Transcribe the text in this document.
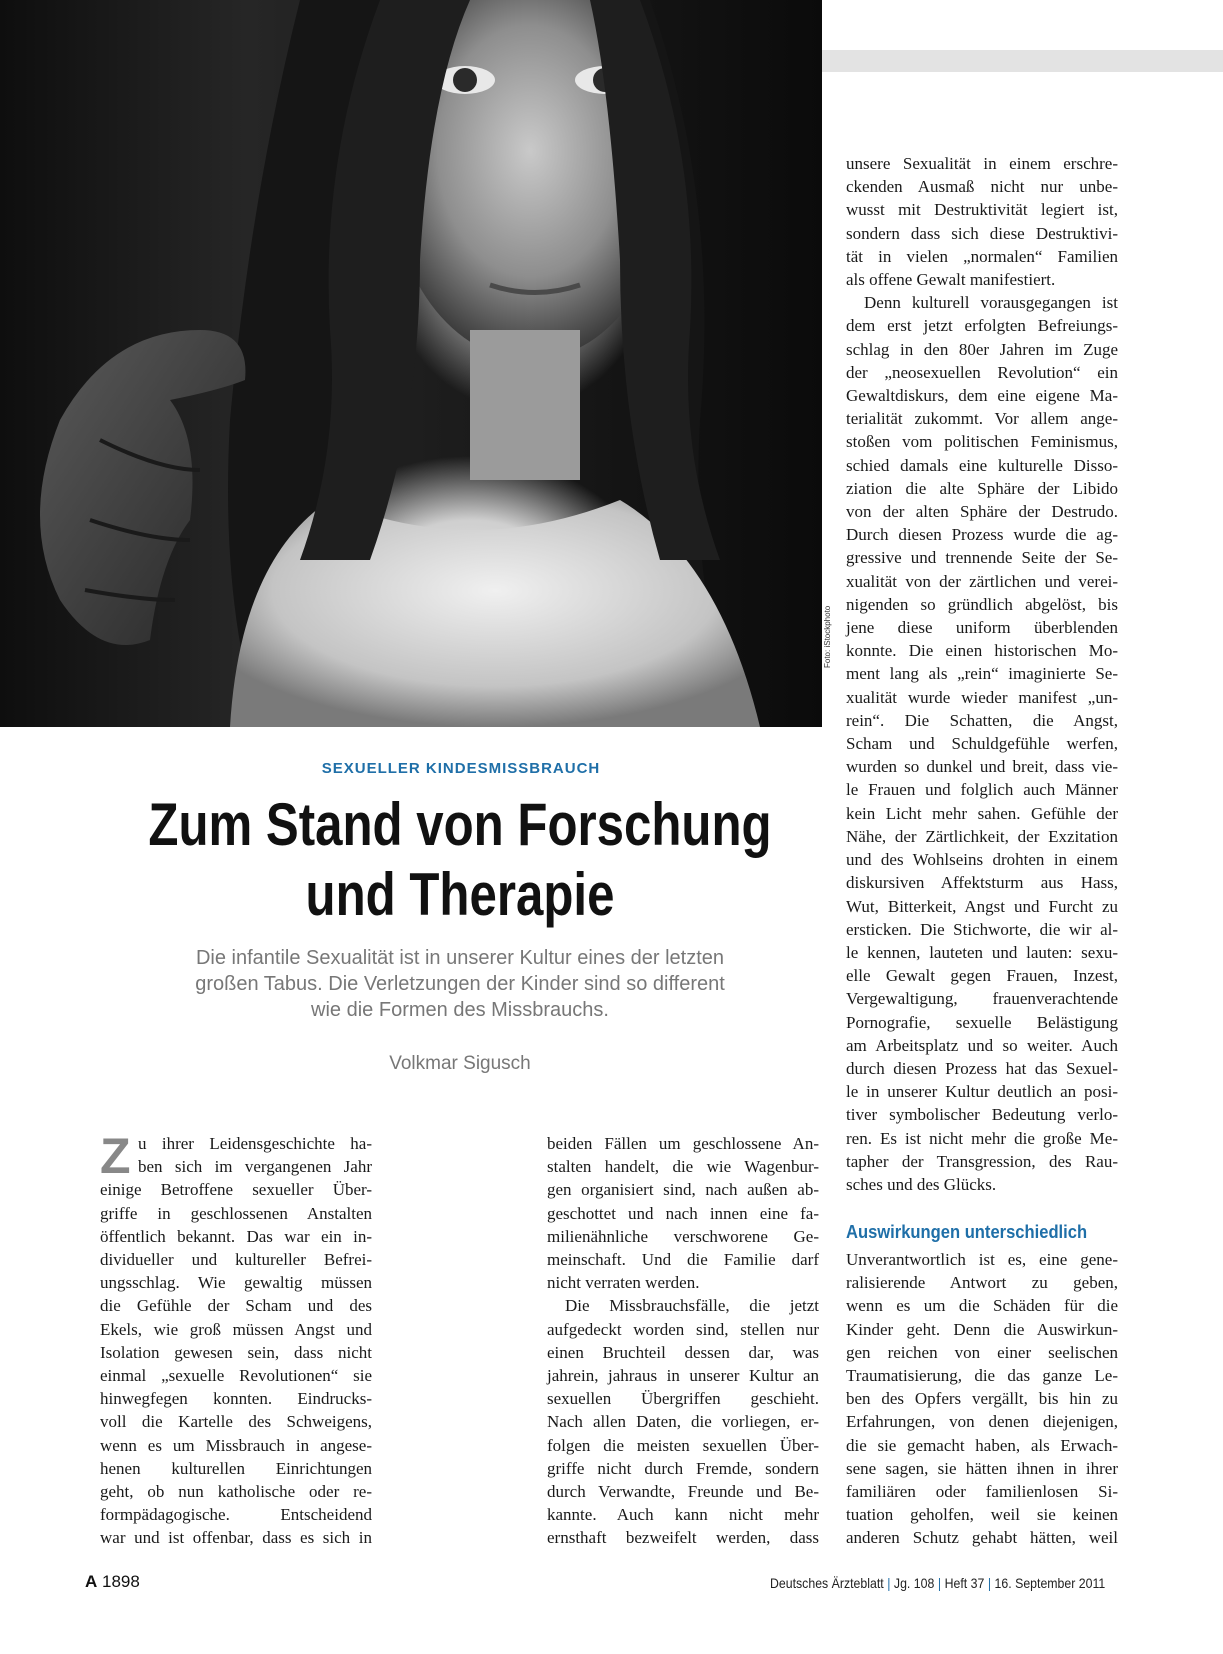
Foto: iStockphoto
SEXUELLER KINDESMISSBRAUCH
Zum Stand von Forschung
und Therapie
Die infantile Sexualität ist in unserer Kultur eines der letzten
großen Tabus. Die Verletzungen der Kinder sind so different
wie die Formen des Missbrauchs.
Volkmar Sigusch
Z u ihrer Leidensgeschichte ha-
ben sich im vergangenen Jahr
einige Betroffene sexueller Über-
griffe in geschlossenen Anstalten
öffentlich bekannt. Das war ein in-
dividueller und kultureller Befrei-
ungsschlag. Wie gewaltig müssen
die Gefühle der Scham und des
Ekels, wie groß müssen Angst und
Isolation gewesen sein, dass nicht
einmal „sexuelle Revolutionen“ sie
hinwegfegen konnten. Eindrucks-
voll die Kartelle des Schweigens,
wenn es um Missbrauch in angese-
henen kulturellen Einrichtungen
geht, ob nun katholische oder re-
formpädagogische. Entscheidend
war und ist offenbar, dass es sich in
beiden Fällen um geschlossene An-
stalten handelt, die wie Wagenbur-
gen organisiert sind, nach außen ab-
geschottet und nach innen eine fa-
milienähnliche verschworene Ge-
meinschaft. Und die Familie darf
nicht verraten werden.
Die Missbrauchsfälle, die jetzt
aufgedeckt worden sind, stellen nur
einen Bruchteil dessen dar, was
jahrein, jahraus in unserer Kultur an
sexuellen Übergriffen geschieht.
Nach allen Daten, die vorliegen, er-
folgen die meisten sexuellen Über-
griffe nicht durch Fremde, sondern
durch Verwandte, Freunde und Be-
kannte. Auch kann nicht mehr
ernsthaft bezweifelt werden, dass
unsere Sexualität in einem erschre-
ckenden Ausmaß nicht nur unbe-
wusst mit Destruktivität legiert ist,
sondern dass sich diese Destruktivi-
tät in vielen „normalen“ Familien
als offene Gewalt manifestiert.
Denn kulturell vorausgegangen ist
dem erst jetzt erfolgten Befreiungs-
schlag in den 80er Jahren im Zuge
der „neosexuellen Revolution“ ein
Gewaltdiskurs, dem eine eigene Ma-
terialität zukommt. Vor allem ange-
stoßen vom politischen Feminismus,
schied damals eine kulturelle Disso-
ziation die alte Sphäre der Libido
von der alten Sphäre der Destrudo.
Durch diesen Prozess wurde die ag-
gressive und trennende Seite der Se-
xualität von der zärtlichen und verei-
nigenden so gründlich abgelöst, bis
jene diese uniform überblenden
konnte. Die einen historischen Mo-
ment lang als „rein“ imaginierte Se-
xualität wurde wieder manifest „un-
rein“. Die Schatten, die Angst,
Scham und Schuldgefühle werfen,
wurden so dunkel und breit, dass vie-
le Frauen und folglich auch Männer
kein Licht mehr sahen. Gefühle der
Nähe, der Zärtlichkeit, der Exzitation
und des Wohlseins drohten in einem
diskursiven Affektsturm aus Hass,
Wut, Bitterkeit, Angst und Furcht zu
ersticken. Die Stichworte, die wir al-
le kennen, lauteten und lauten: sexu-
elle Gewalt gegen Frauen, Inzest,
Vergewaltigung, frauenverachtende
Pornografie, sexuelle Belästigung
am Arbeitsplatz und so weiter. Auch
durch diesen Prozess hat das Sexuel-
le in unserer Kultur deutlich an posi-
tiver symbolischer Bedeutung verlo-
ren. Es ist nicht mehr die große Me-
tapher der Transgression, des Rau-
sches und des Glücks.
Auswirkungen unterschiedlich
Unverantwortlich ist es, eine gene-
ralisierende Antwort zu geben,
wenn es um die Schäden für die
Kinder geht. Denn die Auswirkun-
gen reichen von einer seelischen
Traumatisierung, die das ganze Le-
ben des Opfers vergällt, bis hin zu
Erfahrungen, von denen diejenigen,
die sie gemacht haben, als Erwach-
sene sagen, sie hätten ihnen in ihrer
familiären oder familienlosen Si-
tuation geholfen, weil sie keinen
anderen Schutz gehabt hätten, weil
A 1898	Deutsches Ärzteblatt | Jg. 108 | Heft 37 | 16. September 2011
